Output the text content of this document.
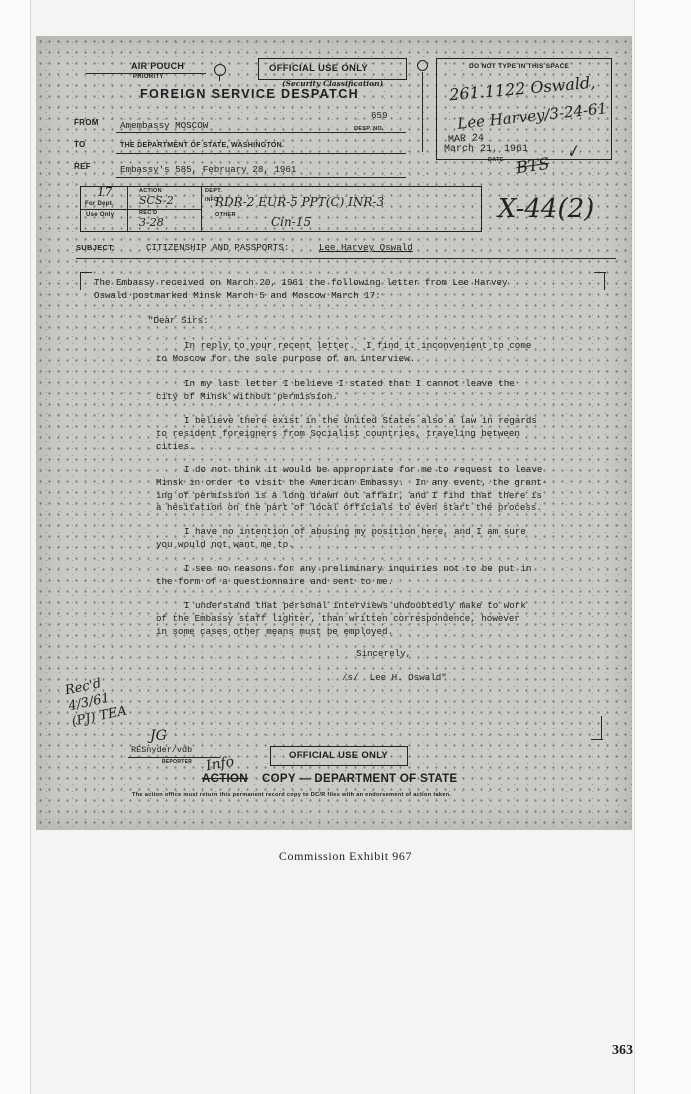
AIR POUCH
PRIORITY
OFFICIAL USE ONLY
(Security Classification)
FOREIGN SERVICE DESPATCH
DO NOT TYPE IN THIS SPACE
261.1122 Oswald,
Lee Harvey/3-24-61
FROM Amembassy MOSCOW
659
DESP. NO.
TO	THE DEPARTMENT OF STATE, WASHINGTON.	MAR 24
March 21, 1961
DATE BTS
✓
REF	Embassy's 585, February 28, 1961
17
For Dept.
Use Only
ACTION
SCS-2
REC'D
3-28
DEPT.
INFO
RDR-2 EUR-5 PPT(C) INR-3
OTHER	Cin-15	X-44(2)
SUBJECT:	CITIZENSHIP AND PASSPORTS:	Lee Harvey Oswald
The Embassy received on March 20, 1961 the following letter from Lee Harvey
Oswald postmarked Minsk March 5 and Moscow March 17:
"Dear Sirs:
In reply to your recent letter.  I find it inconvenient to come
to Moscow for the sole purpose of an interview.
In my last letter I believe I stated that I cannot leave the
city of Minsk without permission.
I believe there exist in the United States also a law in regards
to resident foreigners from Socialist countries, traveling between
cities.
I do not think it would be appropriate for me to request to leave
Minsk in order to visit the American Embassy.  In any event, the grant-
ing of permission is a long drawn out affair, and I find that there is
a hesitation on the part of local officials to even start the process.
I have no intention of abusing my position here, and I am sure
you would not want me to.
I see no reasons for any preliminary inquiries not to be put in
the form of a questionnaire and sent to me.
I understand that personal interviews undoubtedly make to work
of the Embassy staff lighter, than written correspondence, however
in some cases other means must be employed.
Sincerely,
/s/  Lee H. Oswald"
Rec'd 4/3/61 (PJ) TEA
JG
RESnyder/vdb
REPORTER
OFFICIAL USE ONLY
Info
ACTION COPY — DEPARTMENT OF STATE
The action office must return this permanent record copy to DC/R files with an endorsement of action taken.
Commission Exhibit 967
363
